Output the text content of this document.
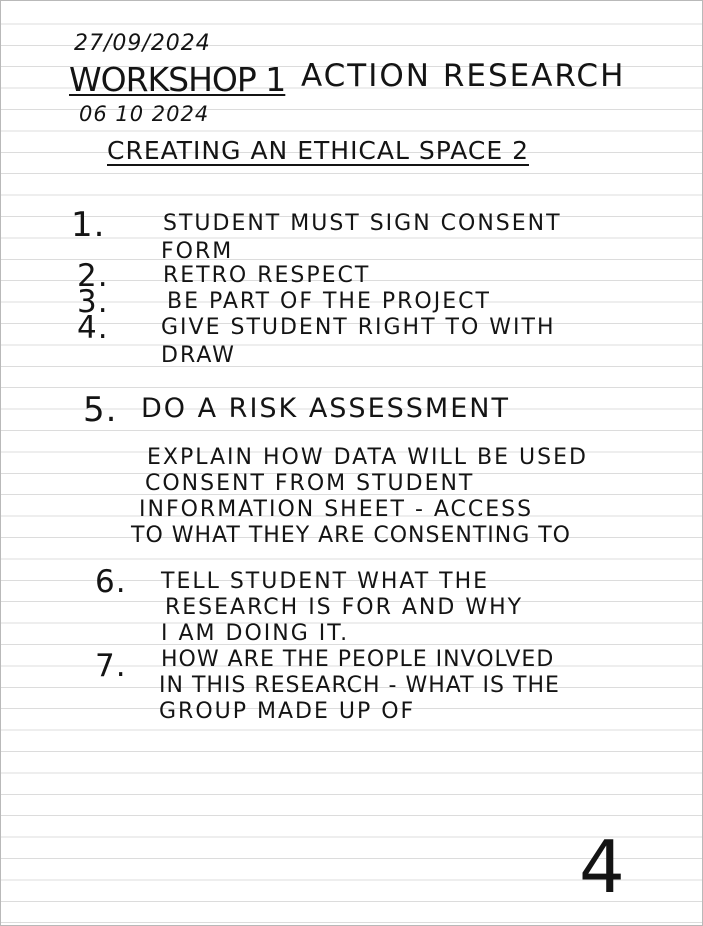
27/09/2024
WORKSHOP 1
06 10 2024
ACTION RESEARCH
CREATING AN ETHICAL SPACE 2
1.	STUDENT MUST SIGN CONSENT
FORM
2. RETRO RESPECT
3.	BE PART OF THE PROJECT
4. GIVE STUDENT RIGHT TO WITH
DRAW
5. DO A RISK ASSESSMENT
EXPLAIN HOW DATA WILL BE USED
CONSENT FROM STUDENT
INFORMATION SHEET - ACCESS
TO WHAT THEY ARE CONSENTING TO
6. TELL STUDENT WHAT THE
RESEARCH IS FOR AND WHY
I AM DOING IT.
7. HOW ARE THE PEOPLE INVOLVED
IN THIS RESEARCH - WHAT IS THE
GROUP MADE UP OF
4
